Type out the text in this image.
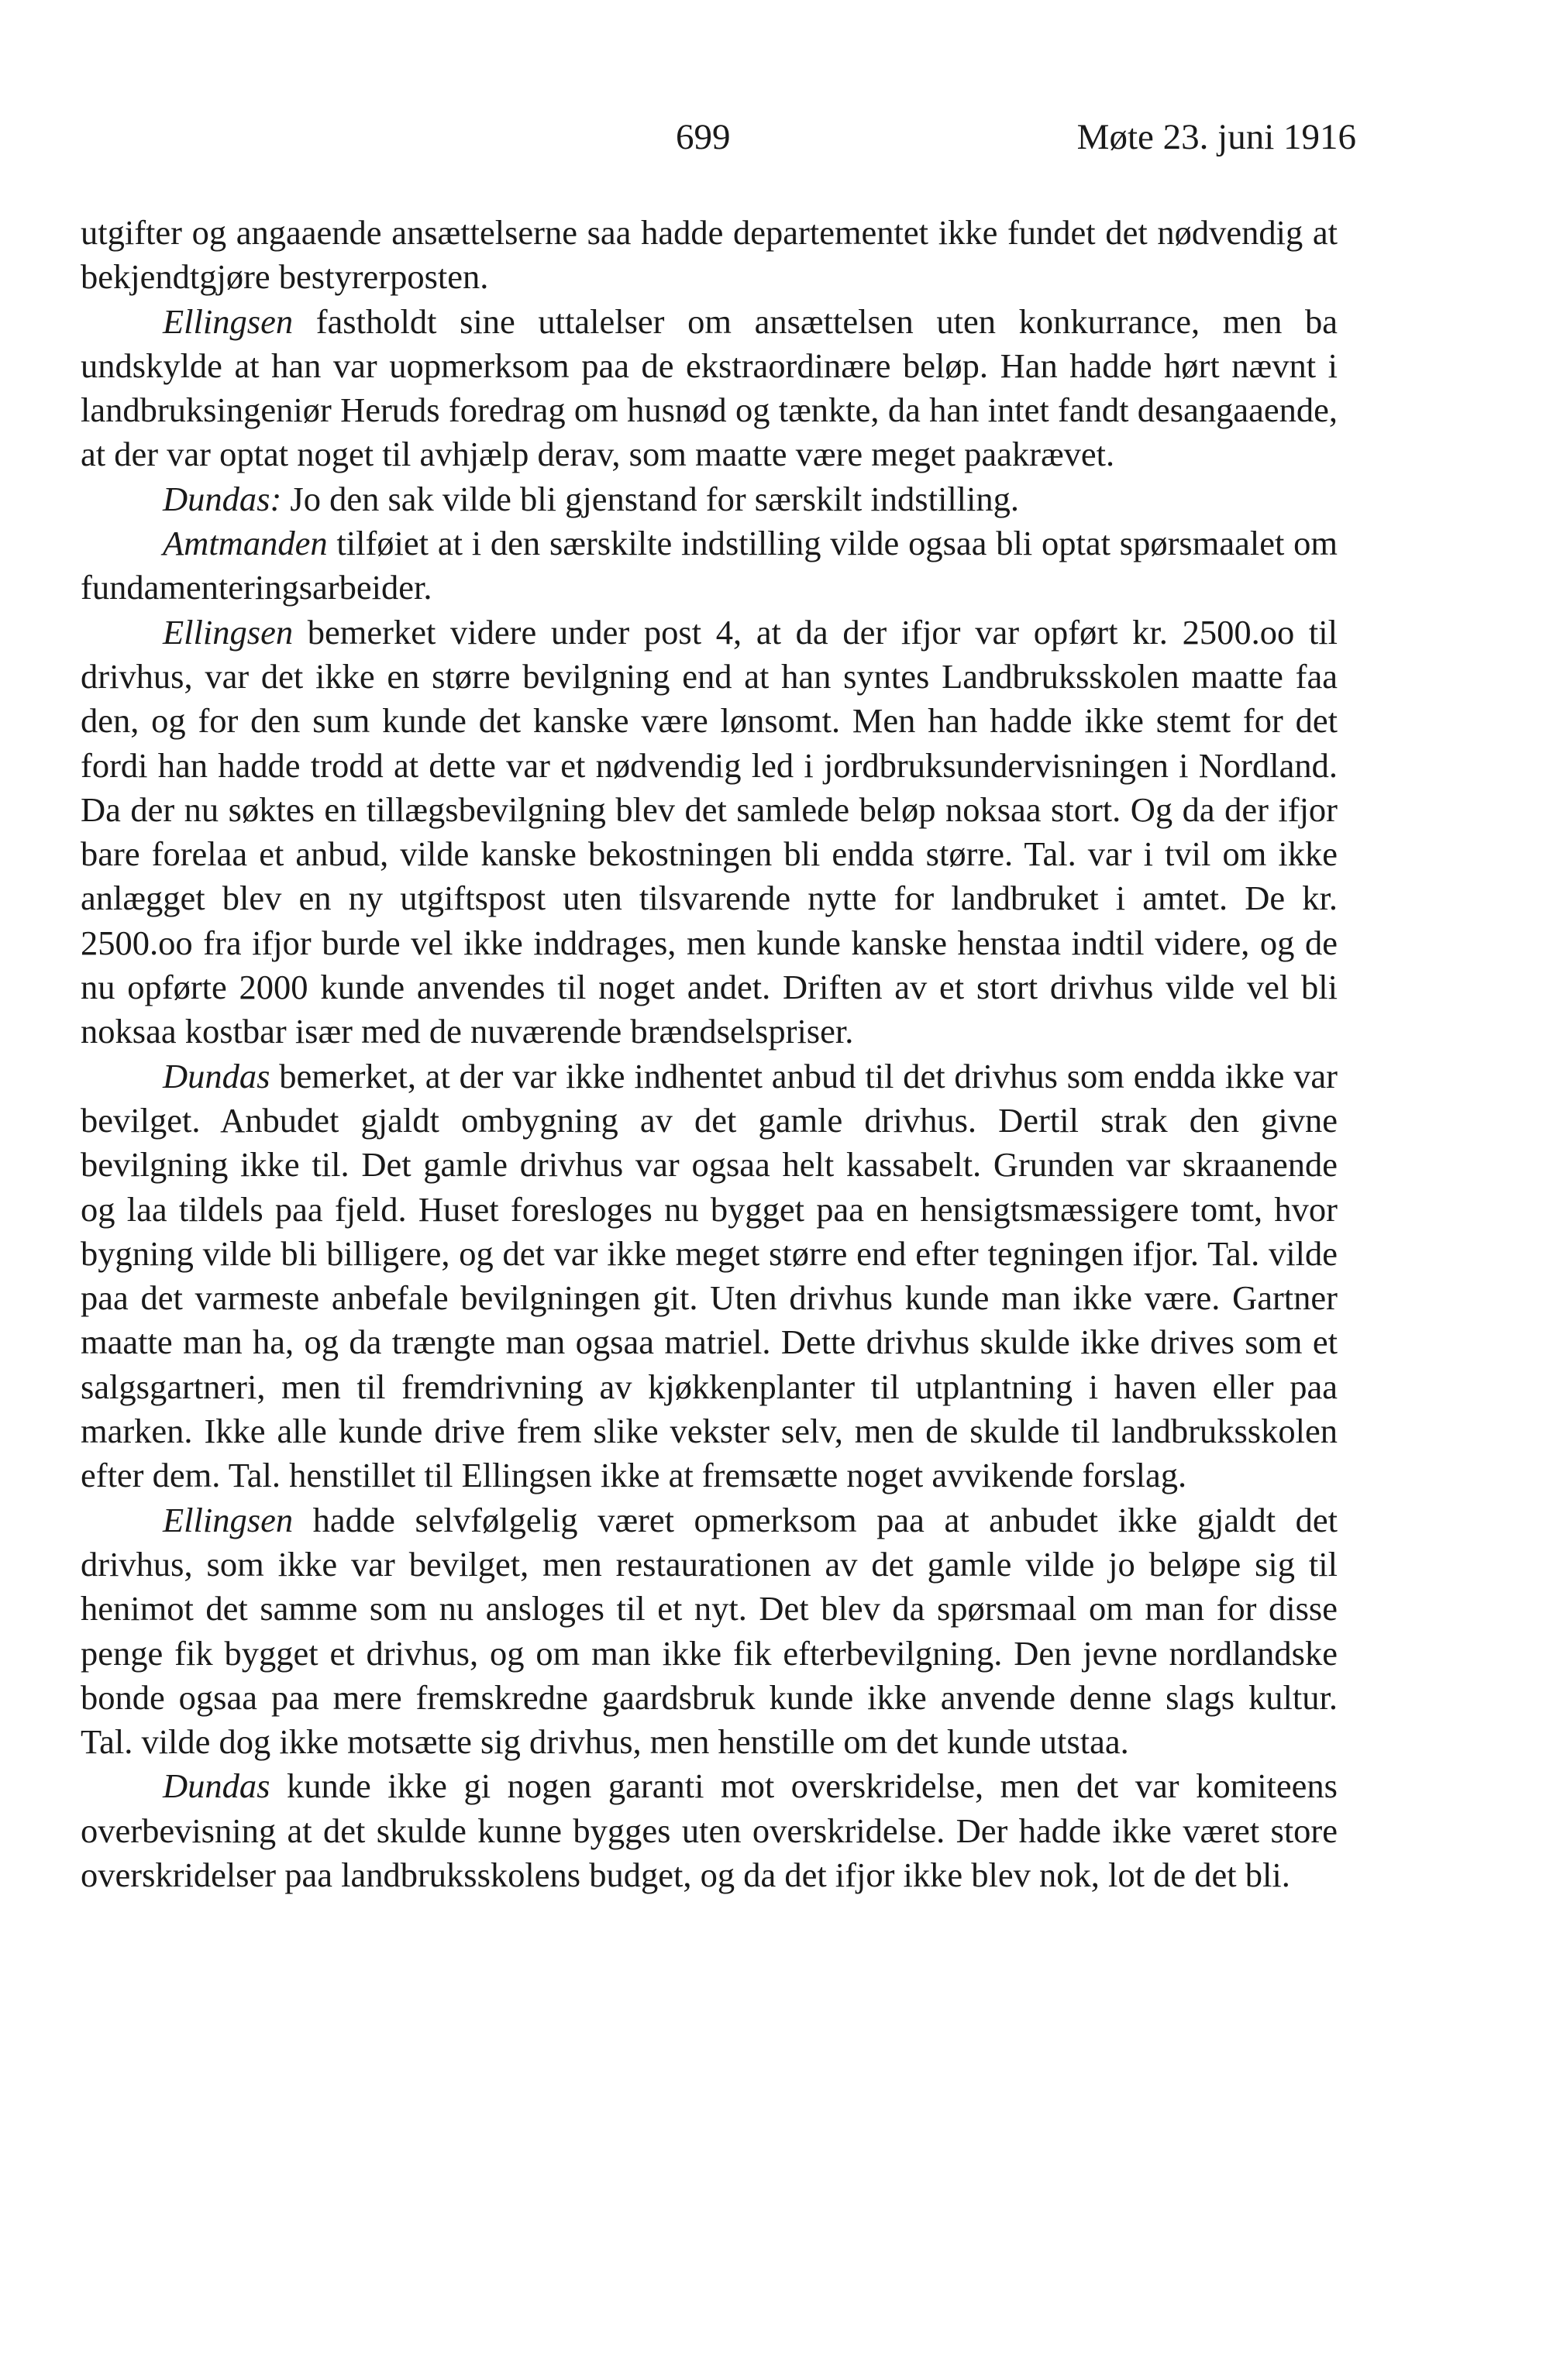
699	Møte 23. juni 1916

utgifter og angaaende ansættelserne saa hadde departementet ikke fundet det nødvendig at bekjendtgjøre bestyrerposten.

Ellingsen fastholdt sine uttalelser om ansættelsen uten konkurrance, men ba undskylde at han var uopmerksom paa de ekstraordinære beløp. Han hadde hørt nævnt i landbruksingeniør Heruds foredrag om husnød og tænkte, da han intet fandt desangaaende, at der var optat noget til avhjælp derav, som maatte være meget paakrævet.

Dundas: Jo den sak vilde bli gjenstand for særskilt indstilling.

Amtmanden tilføiet at i den særskilte indstilling vilde ogsaa bli optat spørsmaalet om fundamenteringsarbeider.

Ellingsen bemerket videre under post 4, at da der ifjor var opført kr. 2500.oo til drivhus, var det ikke en større bevilgning end at han syntes Landbruksskolen maatte faa den, og for den sum kunde det kanske være lønsomt. Men han hadde ikke stemt for det fordi han hadde trodd at dette var et nødvendig led i jordbruksundervisningen i Nordland. Da der nu søktes en tillægsbevilgning blev det samlede beløp noksaa stort. Og da der ifjor bare forelaa et anbud, vilde kanske bekostningen bli endda større. Tal. var i tvil om ikke anlægget blev en ny utgiftspost uten tilsvarende nytte for landbruket i amtet. De kr. 2500.oo fra ifjor burde vel ikke inddrages, men kunde kanske henstaa indtil videre, og de nu opførte 2000 kunde anvendes til noget andet. Driften av et stort drivhus vilde vel bli noksaa kostbar især med de nuværende brændselspriser.

Dundas bemerket, at der var ikke indhentet anbud til det drivhus som endda ikke var bevilget. Anbudet gjaldt ombygning av det gamle drivhus. Dertil strak den givne bevilgning ikke til. Det gamle drivhus var ogsaa helt kassabelt. Grunden var skraanende og laa tildels paa fjeld. Huset foresloges nu bygget paa en hensigtsmæssigere tomt, hvor bygning vilde bli billigere, og det var ikke meget større end efter tegningen ifjor. Tal. vilde paa det varmeste anbefale bevilgningen git. Uten drivhus kunde man ikke være. Gartner maatte man ha, og da trængte man ogsaa matriel. Dette drivhus skulde ikke drives som et salgsgartneri, men til fremdrivning av kjøkkenplanter til utplantning i haven eller paa marken. Ikke alle kunde drive frem slike vekster selv, men de skulde til landbruksskolen efter dem. Tal. henstillet til Ellingsen ikke at fremsætte noget avvikende forslag.

Ellingsen hadde selvfølgelig været opmerksom paa at anbudet ikke gjaldt det drivhus, som ikke var bevilget, men restaurationen av det gamle vilde jo beløpe sig til henimot det samme som nu ansloges til et nyt. Det blev da spørsmaal om man for disse penge fik bygget et drivhus, og om man ikke fik efterbevilgning. Den jevne nordlandske bonde ogsaa paa mere fremskredne gaardsbruk kunde ikke anvende denne slags kultur. Tal. vilde dog ikke motsætte sig drivhus, men henstille om det kunde utstaa.

Dundas kunde ikke gi nogen garanti mot overskridelse, men det var komiteens overbevisning at det skulde kunne bygges uten overskridelse. Der hadde ikke været store overskridelser paa landbruksskolens budget, og da det ifjor ikke blev nok, lot de det bli.
